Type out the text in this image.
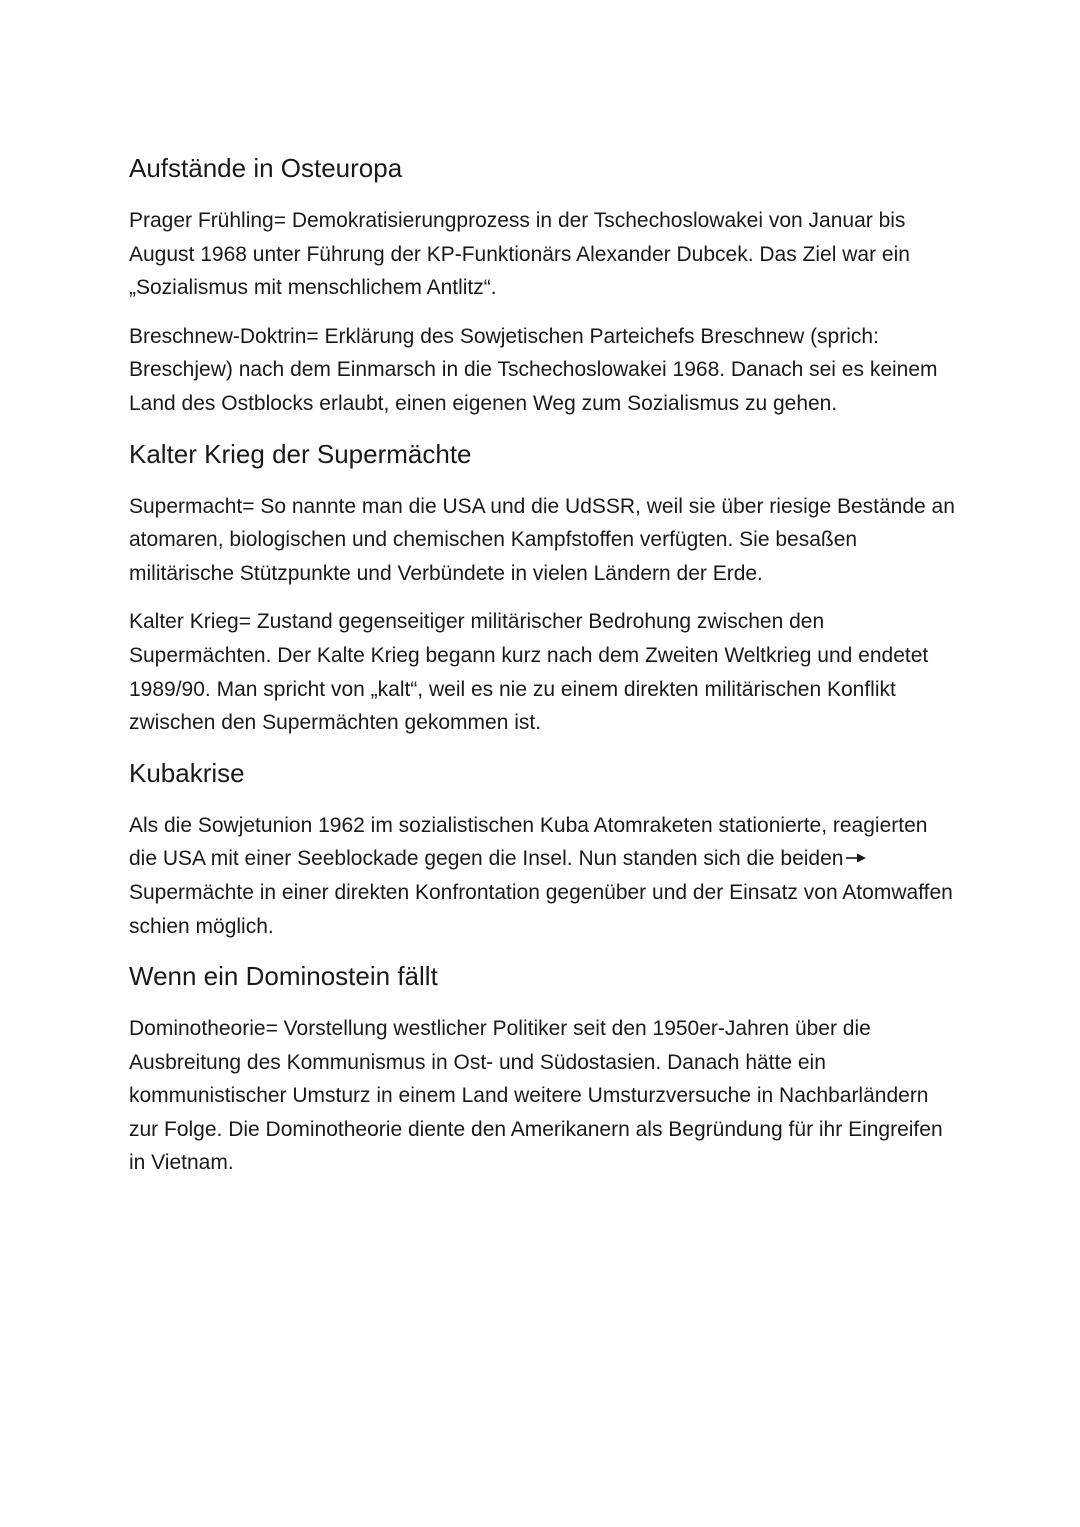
Aufstände in Osteuropa

Prager Frühling= Demokratisierungprozess in der Tschechoslowakei von Januar bis August 1968 unter Führung der KP-Funktionärs Alexander Dubcek. Das Ziel war ein „Sozialismus mit menschlichem Antlitz“.

Breschnew-Doktrin= Erklärung des Sowjetischen Parteichefs Breschnew (sprich: Breschjew) nach dem Einmarsch in die Tschechoslowakei 1968. Danach sei es keinem Land des Ostblocks erlaubt, einen eigenen Weg zum Sozialismus zu gehen.

Kalter Krieg der Supermächte

Supermacht= So nannte man die USA und die UdSSR, weil sie über riesige Bestände an atomaren, biologischen und chemischen Kampfstoffen verfügten. Sie besaßen militärische Stützpunkte und Verbündete in vielen Ländern der Erde.

Kalter Krieg= Zustand gegenseitiger militärischer Bedrohung zwischen den Supermächten. Der Kalte Krieg begann kurz nach dem Zweiten Weltkrieg und endetet 1989/90. Man spricht von „kalt“, weil es nie zu einem direkten militärischen Konflikt zwischen den Supermächten gekommen ist.

Kubakrise

Als die Sowjetunion 1962 im sozialistischen Kuba Atomraketen stationierte, reagierten die USA mit einer Seeblockade gegen die Insel. Nun standen sich die beiden
Supermächte in einer direkten Konfrontation gegenüber und der Einsatz von Atomwaffen schien möglich.

Wenn ein Dominostein fällt

Dominotheorie= Vorstellung westlicher Politiker seit den 1950er-Jahren über die Ausbreitung des Kommunismus in Ost- und Südostasien. Danach hätte ein kommunistischer Umsturz in einem Land weitere Umsturzversuche in Nachbarländern zur Folge. Die Dominotheorie diente den Amerikanern als Begründung für ihr Eingreifen in Vietnam.
